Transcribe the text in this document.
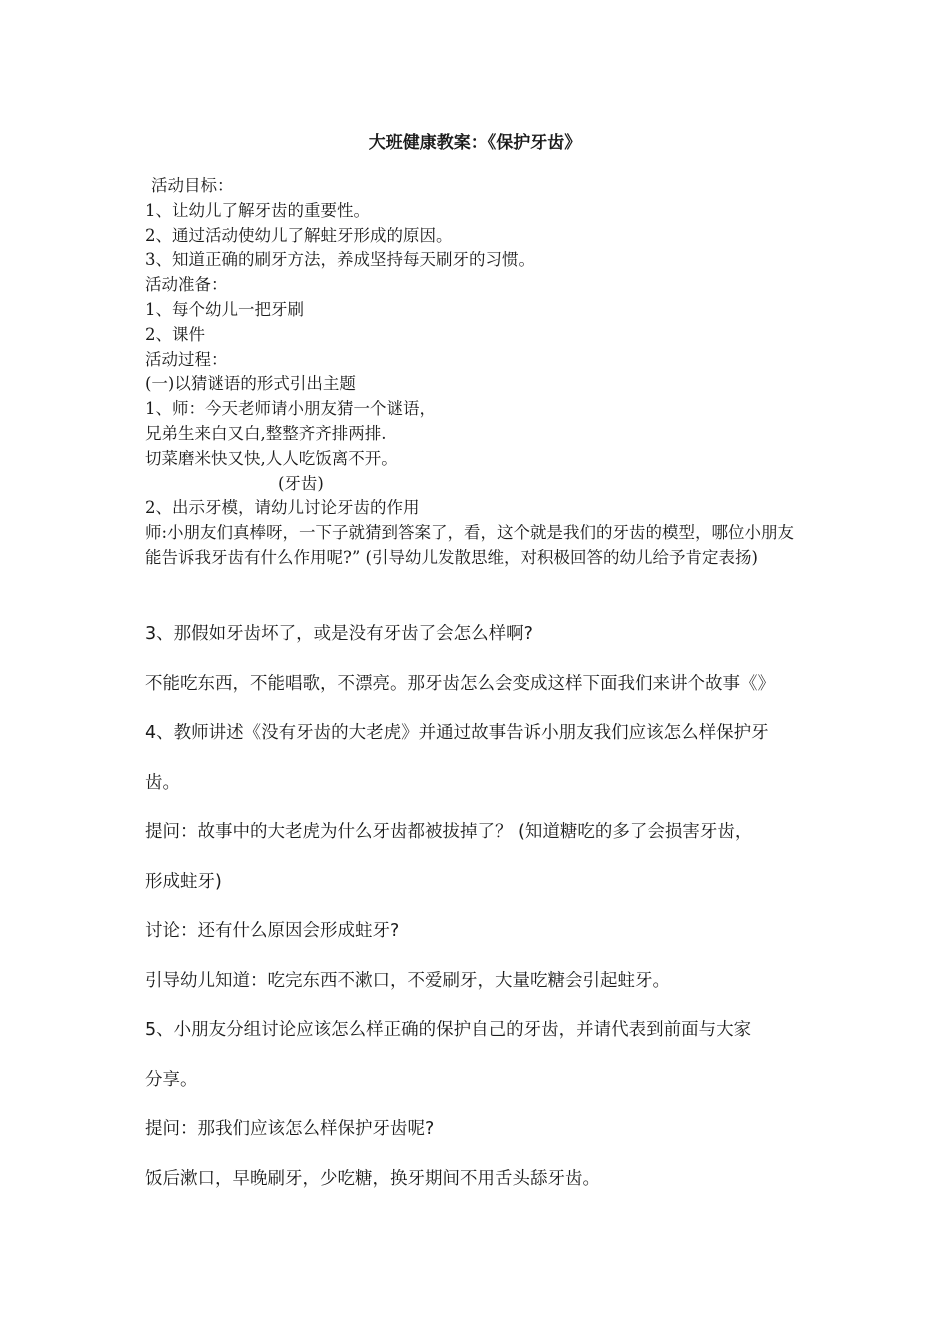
大班健康教案：《保护牙齿》
活动目标：
1、让幼儿了解牙齿的重要性。
2、通过活动使幼儿了解蛀牙形成的原因。
3、知道正确的刷牙方法，养成坚持每天刷牙的习惯。
活动准备：
1、每个幼儿一把牙刷
2、课件
活动过程：
(一)以猜谜语的形式引出主题
1、师：今天老师请小朋友猜一个谜语，
兄弟生来白又白,整整齐齐排两排.
切菜磨米快又快,人人吃饭离不开。
(牙齿)
2、出示牙模，请幼儿讨论牙齿的作用
师:小朋友们真棒呀，一下子就猜到答案了，看，这个就是我们的牙齿的模型，哪位小朋友能告诉我牙齿有什么作用呢?” (引导幼儿发散思维，对积极回答的幼儿给予肯定表扬)
3、那假如牙齿坏了，或是没有牙齿了会怎么样啊?
不能吃东西，不能唱歌，不漂亮。那牙齿怎么会变成这样下面我们来讲个故事《》
4、教师讲述《没有牙齿的大老虎》并通过故事告诉小朋友我们应该怎么样保护牙
齿。
提问：故事中的大老虎为什么牙齿都被拔掉了？ (知道糖吃的多了会损害牙齿，
形成蛀牙)
讨论：还有什么原因会形成蛀牙?
引导幼儿知道：吃完东西不漱口，不爱刷牙，大量吃糖会引起蛀牙。
5、小朋友分组讨论应该怎么样正确的保护自己的牙齿，并请代表到前面与大家
分享。
提问：那我们应该怎么样保护牙齿呢?
饭后漱口，早晚刷牙，少吃糖，换牙期间不用舌头舔牙齿。
